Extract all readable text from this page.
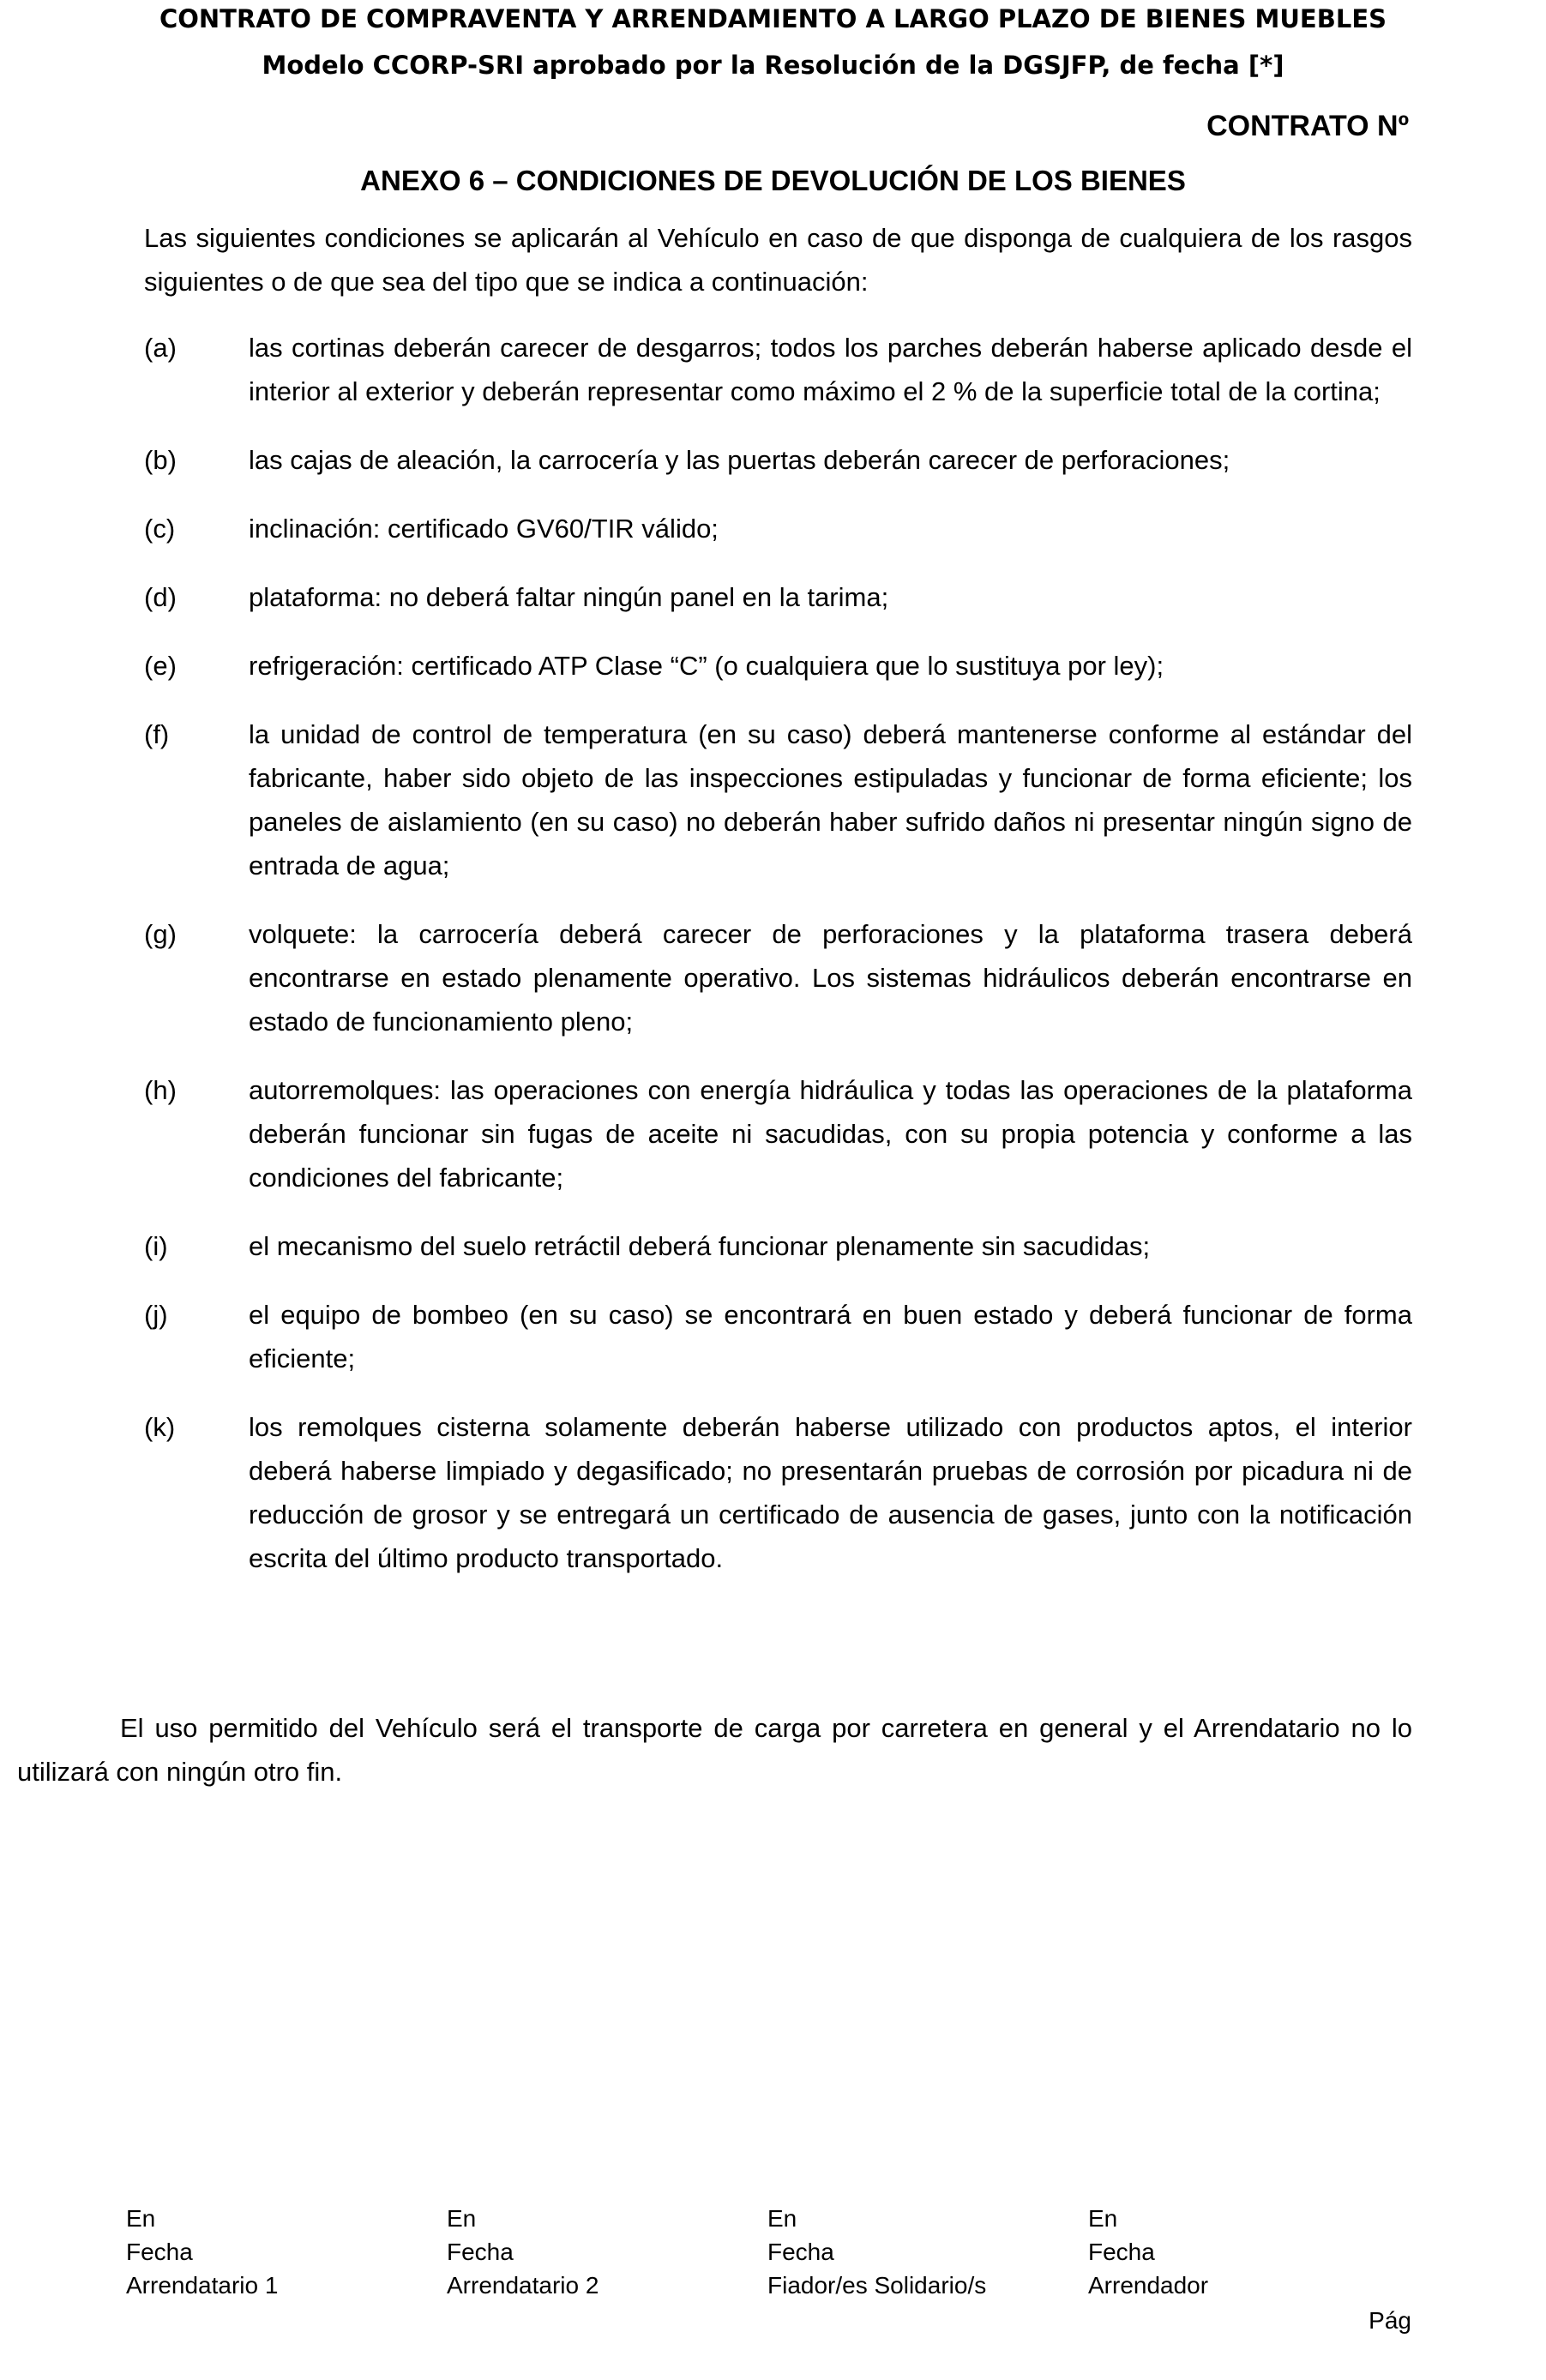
CONTRATO DE COMPRAVENTA Y ARRENDAMIENTO A LARGO PLAZO DE BIENES MUEBLES
Modelo CCORP-SRI aprobado por la Resolución de la DGSJFP, de fecha [*]
CONTRATO Nº
ANEXO 6 – CONDICIONES DE DEVOLUCIÓN DE LOS BIENES
Las siguientes condiciones se aplicarán al Vehículo en caso de que disponga de cualquiera de los rasgos siguientes o de que sea del tipo que se indica a continuación:
(a)	las cortinas deberán carecer de desgarros; todos los parches deberán haberse aplicado desde el interior al exterior y deberán representar como máximo el 2 % de la superficie total de la cortina;
(b)	las cajas de aleación, la carrocería y las puertas deberán carecer de perforaciones;
(c)	inclinación: certificado GV60/TIR válido;
(d)	plataforma: no deberá faltar ningún panel en la tarima;
(e)	refrigeración: certificado ATP Clase “C” (o cualquiera que lo sustituya por ley);
(f)	la unidad de control de temperatura (en su caso) deberá mantenerse conforme al estándar del fabricante, haber sido objeto de las inspecciones estipuladas y funcionar de forma eficiente; los paneles de aislamiento (en su caso) no deberán haber sufrido daños ni presentar ningún signo de entrada de agua;
(g)	volquete: la carrocería deberá carecer de perforaciones y la plataforma trasera deberá encontrarse en estado plenamente operativo. Los sistemas hidráulicos deberán encontrarse en estado de funcionamiento pleno;
(h)	autorremolques: las operaciones con energía hidráulica y todas las operaciones de la plataforma deberán funcionar sin fugas de aceite ni sacudidas, con su propia potencia y conforme a las condiciones del fabricante;
(i)	el mecanismo del suelo retráctil deberá funcionar plenamente sin sacudidas;
(j)	el equipo de bombeo (en su caso) se encontrará en buen estado y deberá funcionar de forma eficiente;
(k)	los remolques cisterna solamente deberán haberse utilizado con productos aptos, el interior deberá haberse limpiado y degasificado; no presentarán pruebas de corrosión por picadura ni de reducción de grosor y se entregará un certificado de ausencia de gases, junto con la notificación escrita del último producto transportado.
El uso permitido del Vehículo será el transporte de carga por carretera en general y el Arrendatario no lo utilizará con ningún otro fin.
En
Fecha
Arrendatario 1
En
Fecha
Arrendatario 2
En
Fecha
Fiador/es Solidario/s
En
Fecha
Arrendador
Pág
